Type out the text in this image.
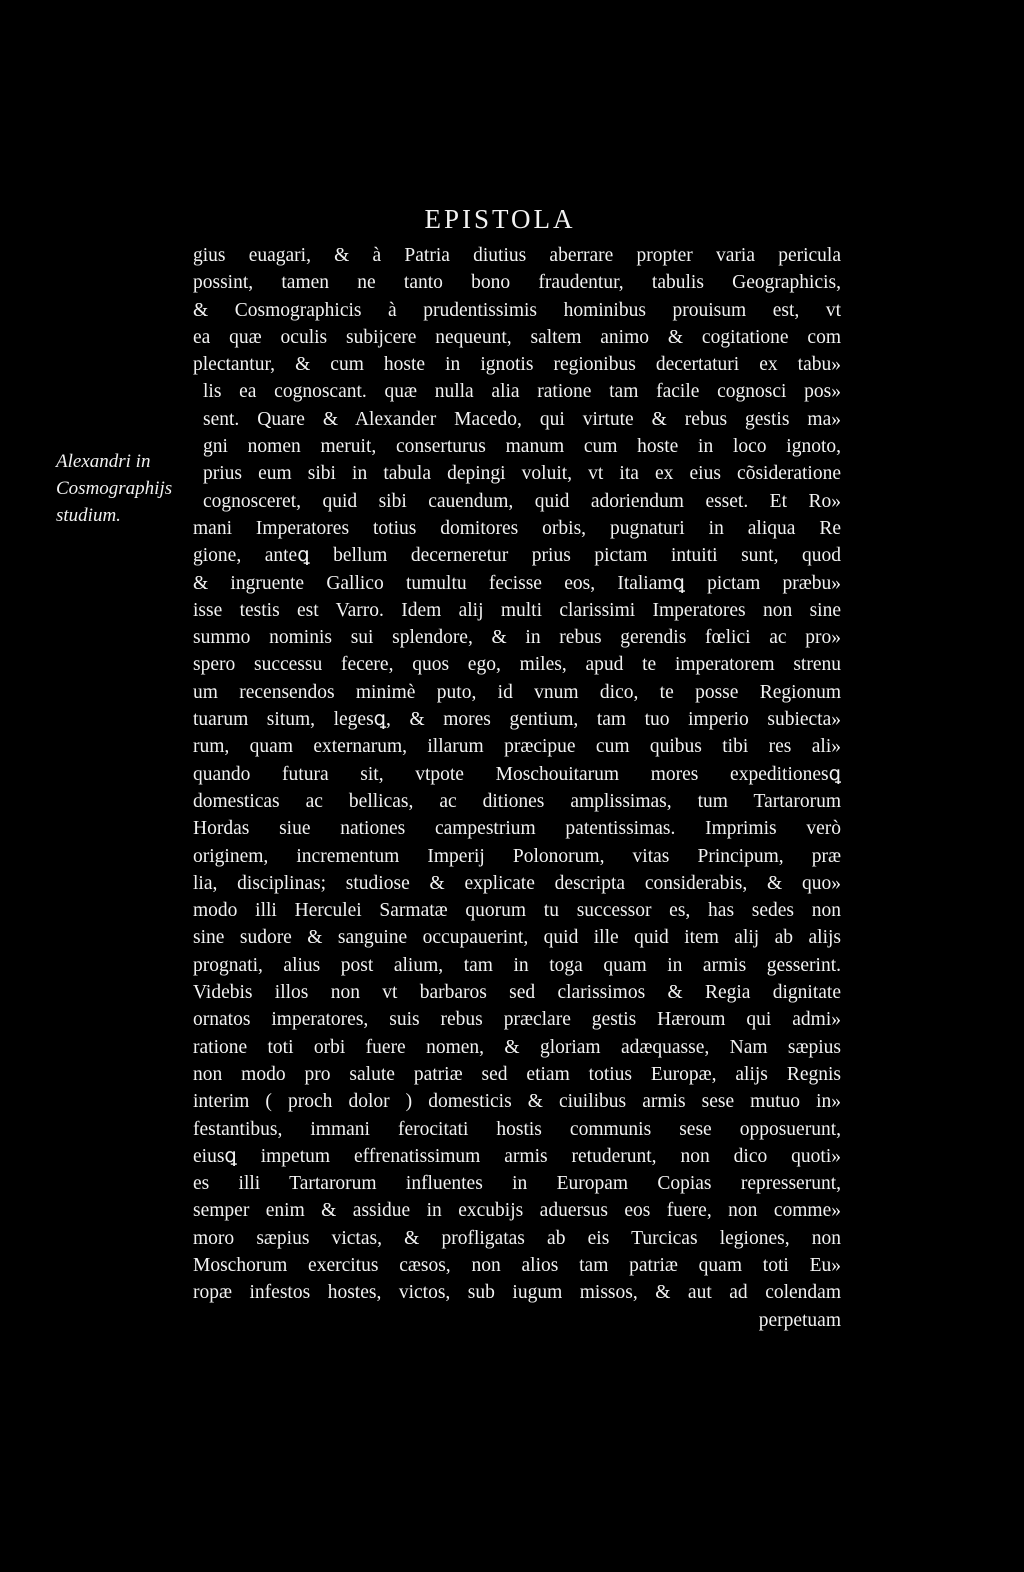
EPISTOLA
Alexandri in
Cosmographijs
studium.
gius euagari, & à Patria diutius aberrare propter varia pericula
possint, tamen ne tanto bono fraudentur, tabulis Geographicis,
& Cosmographicis à prudentissimis hominibus prouisum est, vt
ea quæ oculis subijcere nequeunt, saltem animo & cogitatione com
plectantur, & cum hoste in ignotis regionibus decertaturi ex tabu»
lis ea cognoscant. quæ nulla alia ratione tam facile cognosci pos»
sent. Quare & Alexander Macedo, qui virtute & rebus gestis ma»
gni nomen meruit, conserturus manum cum hoste in loco ignoto,
prius eum sibi in tabula depingi voluit, vt ita ex eius cõsideratione
cognosceret, quid sibi cauendum, quid adoriendum esset. Et Ro»
mani Imperatores totius domitores orbis, pugnaturi in aliqua Re
gione, anteꝗ bellum decerneretur prius pictam intuiti sunt, quod
& ingruente Gallico tumultu fecisse eos, Italiamꝗ pictam præbu»
isse testis est Varro. Idem alij multi clarissimi Imperatores non sine
summo nominis sui splendore, & in rebus gerendis fœlici ac pro»
spero successu fecere, quos ego, miles, apud te imperatorem strenu
um recensendos minimè puto, id vnum dico, te posse Regionum
tuarum situm, legesꝗ, & mores gentium, tam tuo imperio subiecta»
rum, quam externarum, illarum præcipue cum quibus tibi res ali»
quando futura sit, vtpote Moschouitarum mores expeditionesꝗ
domesticas ac bellicas, ac ditiones amplissimas, tum Tartarorum
Hordas siue nationes campestrium patentissimas. Imprimis verò
originem, incrementum Imperij Polonorum, vitas Principum, præ
lia, disciplinas; studiose & explicate descripta considerabis, & quo»
modo illi Herculei Sarmatæ quorum tu successor es, has sedes non
sine sudore & sanguine occupauerint, quid ille quid item alij ab alijs
prognati, alius post alium, tam in toga quam in armis gesserint.
Videbis illos non vt barbaros sed clarissimos & Regia dignitate
ornatos imperatores, suis rebus præclare gestis Hæroum qui admi»
ratione toti orbi fuere nomen, & gloriam adæquasse, Nam sæpius
non modo pro salute patriæ sed etiam totius Europæ, alijs Regnis
interim ( proch dolor ) domesticis & ciuilibus armis sese mutuo in»
festantibus, immani ferocitati hostis communis sese opposuerunt,
eiusꝗ impetum effrenatissimum armis retuderunt, non dico quoti»
es illi Tartarorum influentes in Europam Copias represserunt,
semper enim & assidue in excubijs aduersus eos fuere, non comme»
moro sæpius victas, & profligatas ab eis Turcicas legiones, non
Moschorum exercitus cæsos, non alios tam patriæ quam toti Eu»
ropæ infestos hostes, victos, sub iugum missos, & aut ad colendam
perpetuam
